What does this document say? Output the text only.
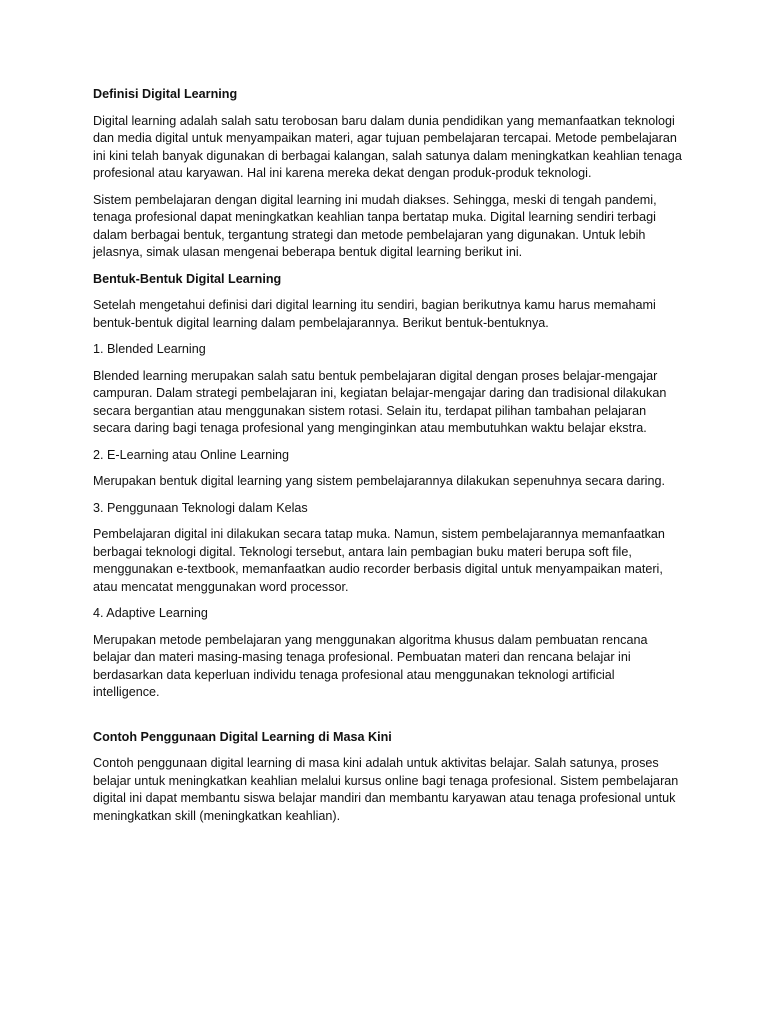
Definisi Digital Learning

Digital learning adalah salah satu terobosan baru dalam dunia pendidikan yang memanfaatkan teknologi dan media digital untuk menyampaikan materi, agar tujuan pembelajaran tercapai. Metode pembelajaran ini kini telah banyak digunakan di berbagai kalangan, salah satunya dalam meningkatkan keahlian tenaga profesional atau karyawan. Hal ini karena mereka dekat dengan produk-produk teknologi.

Sistem pembelajaran dengan digital learning ini mudah diakses. Sehingga, meski di tengah pandemi, tenaga profesional dapat meningkatkan keahlian tanpa bertatap muka. Digital learning sendiri terbagi dalam berbagai bentuk, tergantung strategi dan metode pembelajaran yang digunakan. Untuk lebih jelasnya, simak ulasan mengenai beberapa bentuk digital learning berikut ini.

Bentuk-Bentuk Digital Learning

Setelah mengetahui definisi dari digital learning itu sendiri, bagian berikutnya kamu harus memahami bentuk-bentuk digital learning dalam pembelajarannya. Berikut bentuk-bentuknya.

1. Blended Learning

Blended learning merupakan salah satu bentuk pembelajaran digital dengan proses belajar-mengajar campuran. Dalam strategi pembelajaran ini, kegiatan belajar-mengajar daring dan tradisional dilakukan secara bergantian atau menggunakan sistem rotasi. Selain itu, terdapat pilihan tambahan pelajaran secara daring bagi tenaga profesional yang menginginkan atau membutuhkan waktu belajar ekstra.

2. E-Learning atau Online Learning

Merupakan bentuk digital learning yang sistem pembelajarannya dilakukan sepenuhnya secara daring.

3. Penggunaan Teknologi dalam Kelas

Pembelajaran digital ini dilakukan secara tatap muka. Namun, sistem pembelajarannya memanfaatkan berbagai teknologi digital. Teknologi tersebut, antara lain pembagian buku materi berupa soft file, menggunakan e-textbook, memanfaatkan audio recorder berbasis digital untuk menyampaikan materi, atau mencatat menggunakan word processor.

4. Adaptive Learning

Merupakan metode pembelajaran yang menggunakan algoritma khusus dalam pembuatan rencana belajar dan materi masing-masing tenaga profesional. Pembuatan materi dan rencana belajar ini berdasarkan data keperluan individu tenaga profesional atau menggunakan teknologi artificial intelligence.

Contoh Penggunaan Digital Learning di Masa Kini

Contoh penggunaan digital learning di masa kini adalah untuk aktivitas belajar. Salah satunya, proses belajar untuk meningkatkan keahlian melalui kursus online bagi tenaga profesional. Sistem pembelajaran digital ini dapat membantu siswa belajar mandiri dan membantu karyawan atau tenaga profesional untuk meningkatkan skill (meningkatkan keahlian).
